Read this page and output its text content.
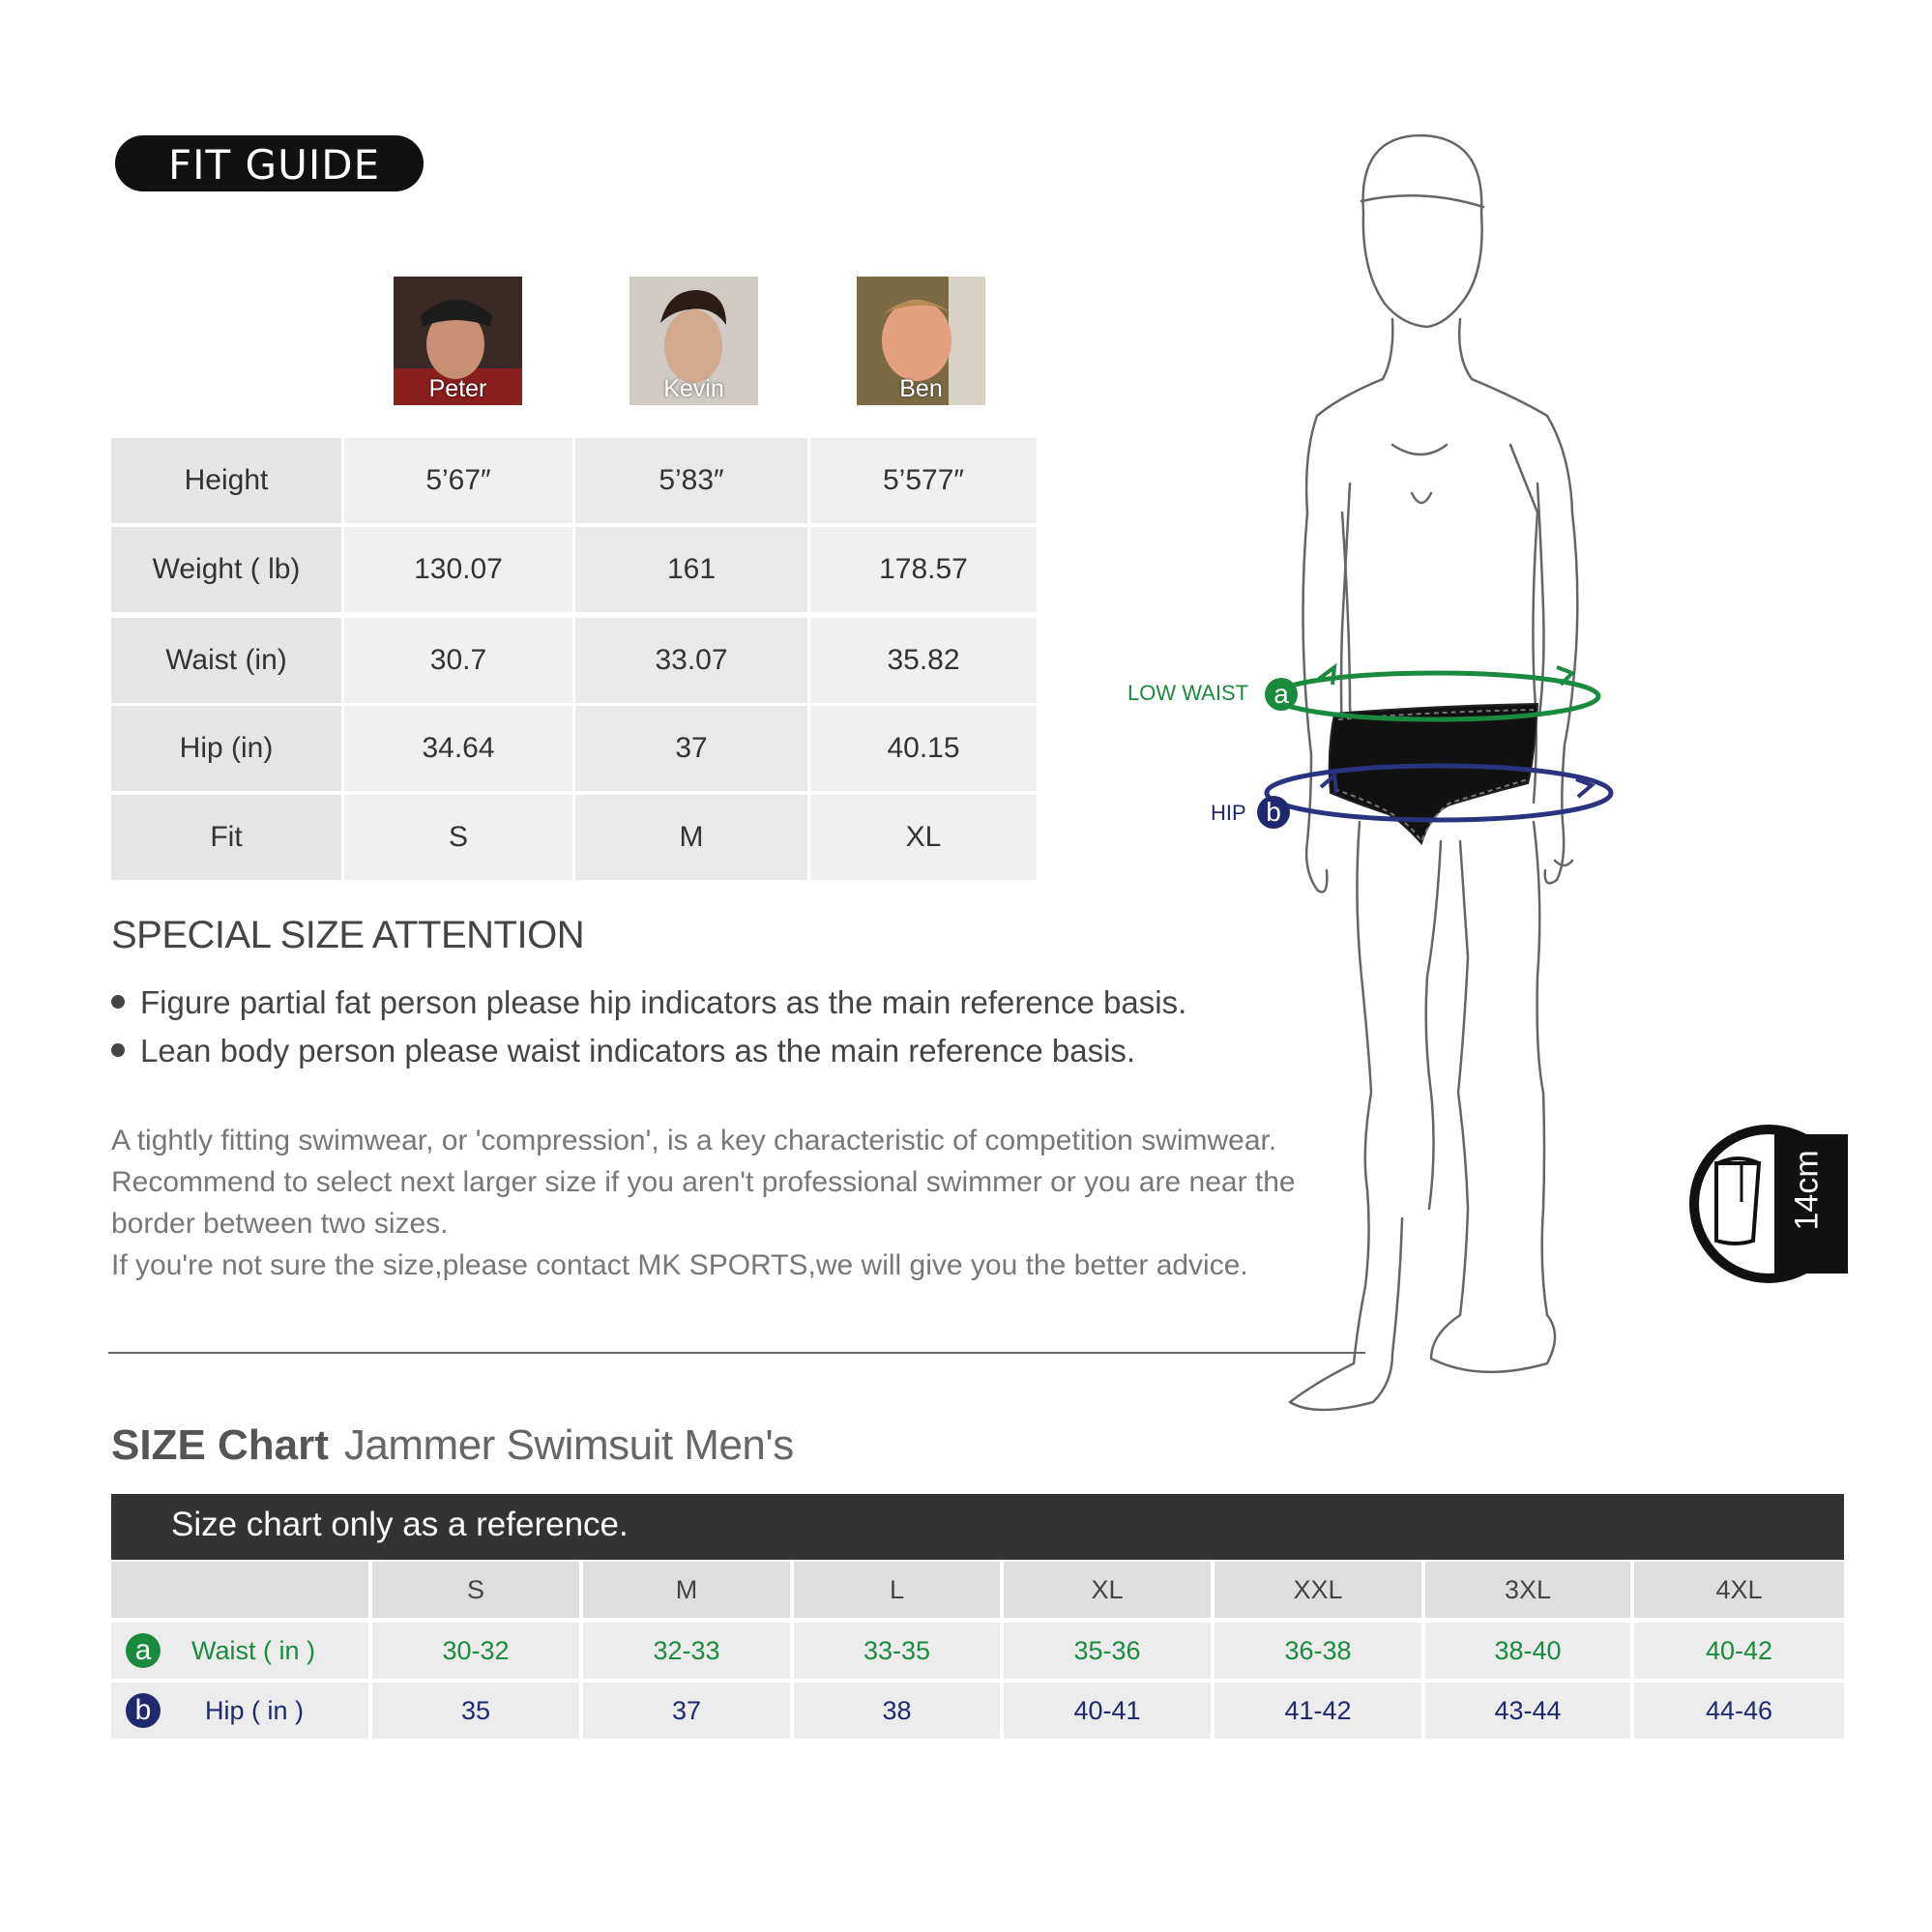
FIT GUIDE
Peter	Kevin	Ben
Height	5’67″	5’83″	5’577″
Weight ( lb)	130.07	161	178.57
Waist (in)	30.7	33.07	35.82
Hip (in)	34.64	37	40.15
Fit	S	M	XL
SPECIAL SIZE ATTENTION
Figure partial fat person please hip indicators as the main reference basis.
Lean body person please waist indicators as the main reference basis.
A tightly fitting swimwear, or 'compression', is a key characteristic of competition swimwear.
Recommend to select next larger size if you aren't professional swimmer or you are near the
border between two sizes.
If you're not sure the size,please contact MK SPORTS,we will give you the better advice.
LOW WAIST a
HIP b
14cm
SIZE Chart Jammer Swimsuit Men's
Size chart only as a reference.
S	M	L	XL	XXL	3XL	4XL
a	Waist ( in )	30-32	32-33	33-35	35-36	36-38	38-40	40-42
b	Hip ( in )	35	37	38	40-41	41-42	43-44	44-46
